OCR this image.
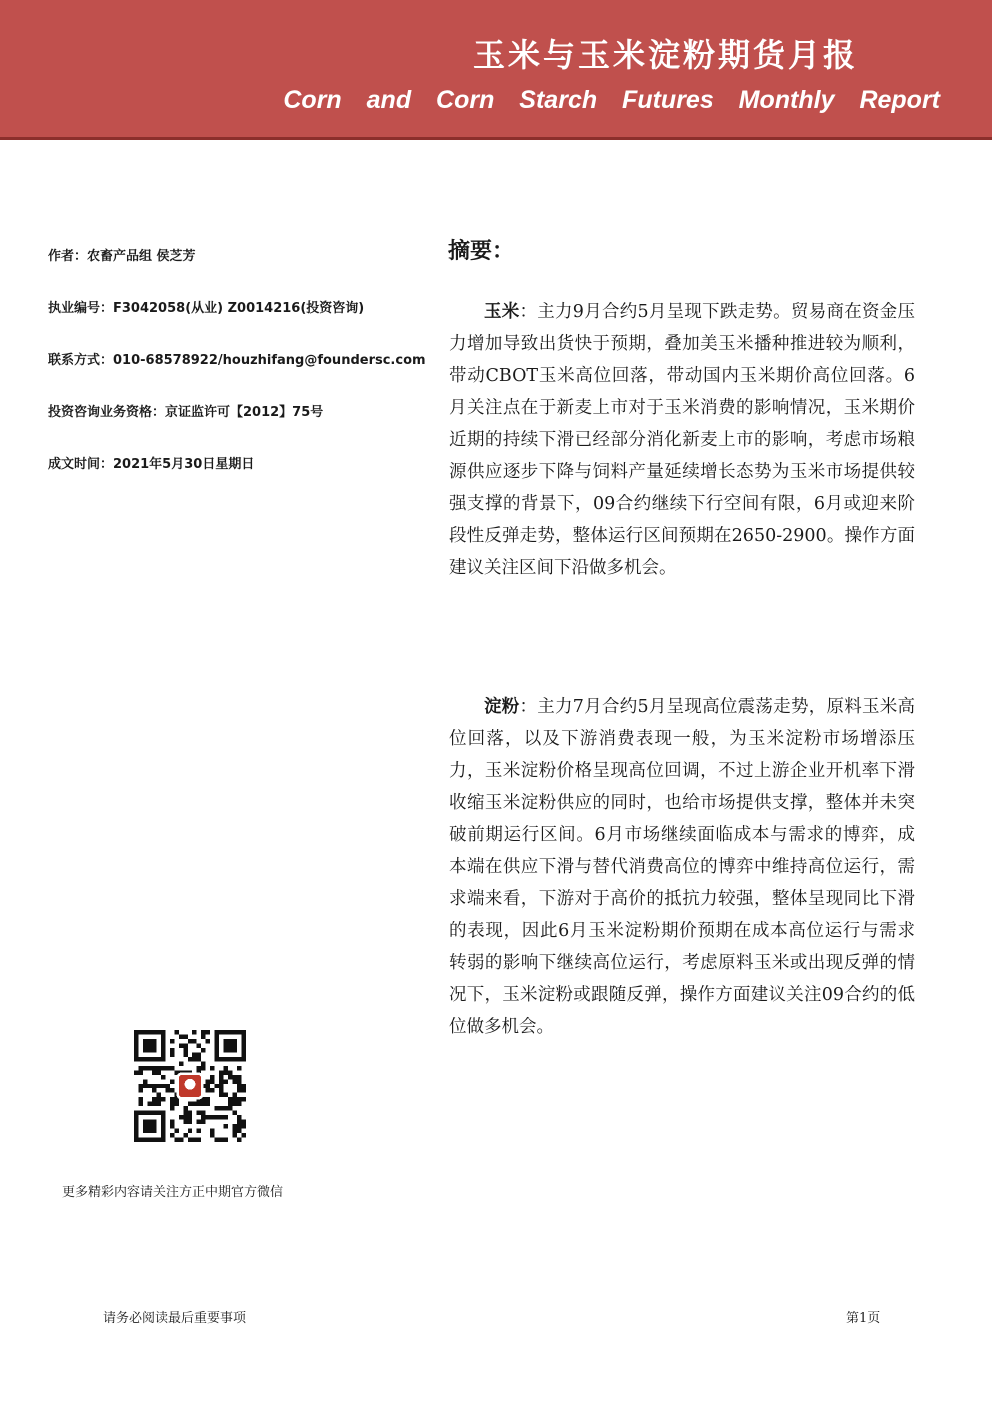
玉米与玉米淀粉期货月报
Corn and Corn Starch Futures Monthly Report
作者：农畜产品组 侯芝芳
执业编号：F3042058(从业) Z0014216(投资咨询)
联系方式：010-68578922/houzhifang@foundersc.com
投资咨询业务资格：京证监许可【2012】75号
成文时间：2021年5月30日星期日
摘要：

玉米：主力9月合约5月呈现下跌走势。贸易商在资金压力增加导致出货快于预期，叠加美玉米播种推进较为顺利，带动CBOT玉米高位回落，带动国内玉米期价高位回落。6月关注点在于新麦上市对于玉米消费的影响情况，玉米期价近期的持续下滑已经部分消化新麦上市的影响，考虑市场粮源供应逐步下降与饲料产量延续增长态势为玉米市场提供较强支撑的背景下，09合约继续下行空间有限，6月或迎来阶段性反弹走势，整体运行区间预期在2650-2900。操作方面建议关注区间下沿做多机会。

淀粉：主力7月合约5月呈现高位震荡走势，原料玉米高位回落，以及下游消费表现一般，为玉米淀粉市场增添压力，玉米淀粉价格呈现高位回调，不过上游企业开机率下滑收缩玉米淀粉供应的同时，也给市场提供支撑，整体并未突破前期运行区间。6月市场继续面临成本与需求的博弈，成本端在供应下滑与替代消费高位的博弈中维持高位运行，需求端来看，下游对于高价的抵抗力较强，整体呈现同比下滑的表现，因此6月玉米淀粉期价预期在成本高位运行与需求转弱的影响下继续高位运行，考虑原料玉米或出现反弹的情况下，玉米淀粉或跟随反弹，操作方面建议关注09合约的低位做多机会。

更多精彩内容请关注方正中期官方微信
请务必阅读最后重要事项	第1页
